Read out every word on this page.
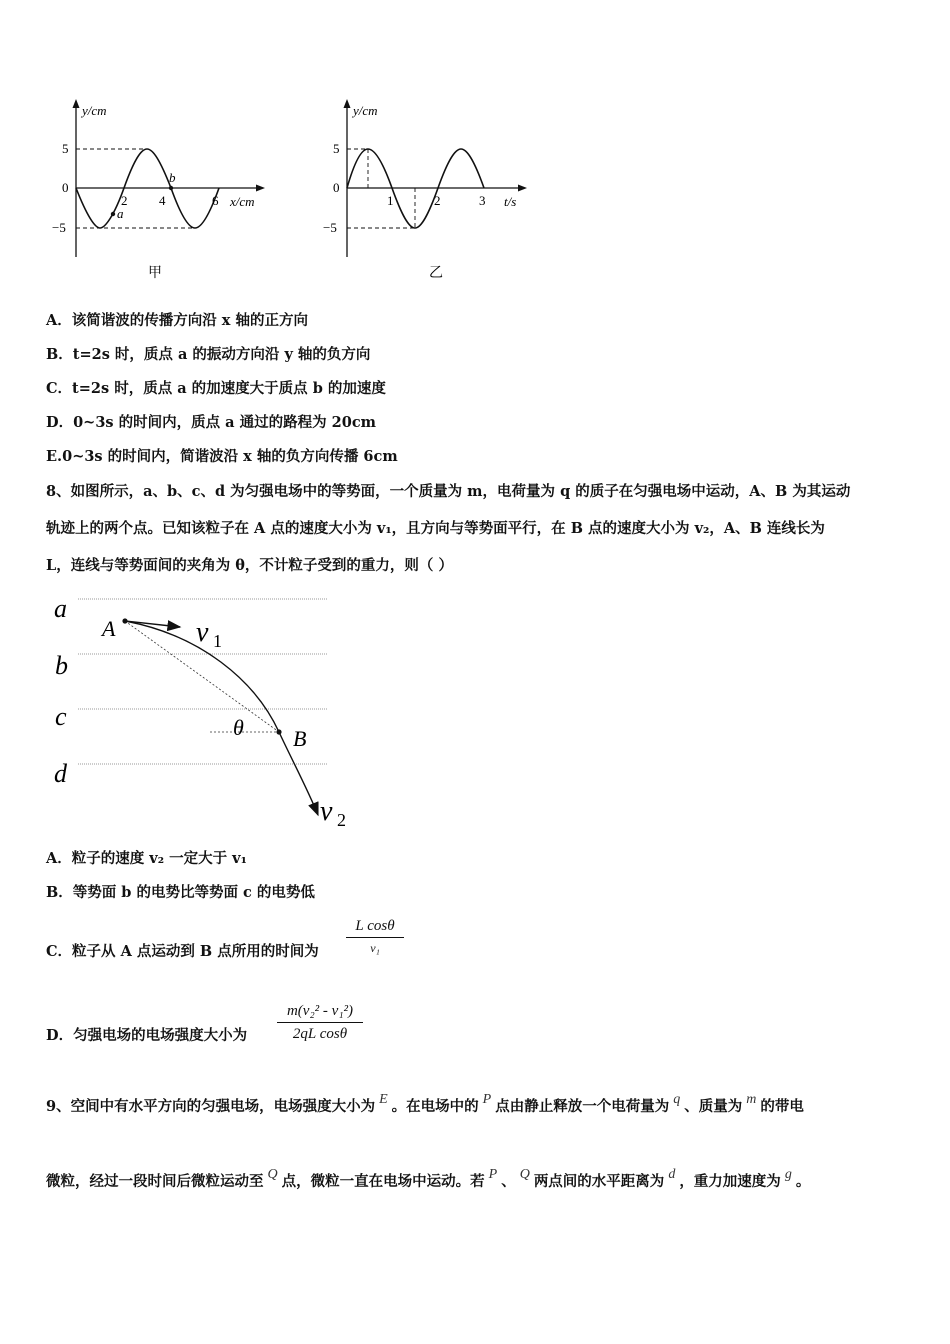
y/cm
x/cm
5
0
−5
2 4	6
a
b
甲
y/cm
t/s
5
0
−5
1	2	3
乙
A．该简谐波的传播方向沿 x 轴的正方向
B．t=2s 时，质点 a 的振动方向沿 y 轴的负方向
C．t=2s 时，质点 a 的加速度大于质点 b 的加速度
D．0~3s 的时间内，质点 a 通过的路程为 20cm
E.0~3s 的时间内，简谐波沿 x 轴的负方向传播 6cm
8、如图所示，a、b、c、d 为匀强电场中的等势面，一个质量为 m，电荷量为 q 的质子在匀强电场中运动，A、B 为其运动
轨迹上的两个点。已知该粒子在 A 点的速度大小为 v₁，且方向与等势面平行，在 B 点的速度大小为 v₂，A、B 连线长为
L，连线与等势面间的夹角为 θ，不计粒子受到的重力，则（ ）
a
b
c
d
A
B
v 1
v 2
θ
A．粒子的速度 v₂ 一定大于 v₁
B．等势面 b 的电势比等势面 c 的电势低
C．粒子从 A 点运动到 B 点所用的时间为
L cosθ
v₁
D．匀强电场的电场强度大小为 $\frac{\text{m(v₂² - v₁²)}}{\text{2qL cosθ}}$
9、空间中有水平方向的匀强电场，电场强度大小为 E 。在电场中的 P 点由静止释放一个电荷量为 q 、质量为 m 的带电
微粒，经过一段时间后微粒运动至 Q 点，微粒一直在电场中运动。若 P 、 Q 两点间的水平距离为 d ，重力加速度为 g 。
